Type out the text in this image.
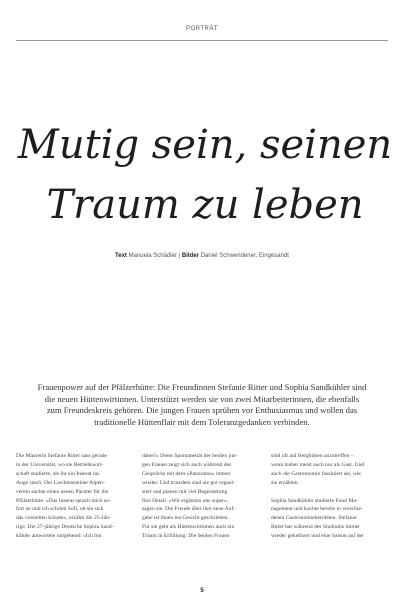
PORTRÄT
Mutig sein, seinen
Traum zu leben
Text Manuela Schädler | Bilder Daniel Schwendener, Eingesandt
Frauenpower auf der Pfälzerhütte: Die Freundinnen Stefanie Ritter und Sophia Sandkühler sind
die neuen Hüttenwirtinnen. Unterstützt werden sie von zwei Mitarbeiterinnen, die ebenfalls
zum Freundeskreis gehören. Die jungen Frauen sprühen vor Enthusiasmus und wollen das
traditionelle Hüttenflair mit dem Toleranzgedanken verbinden.
Die Maurerin Stefanie Ritter sass gerade
in der Universität, wo sie Betriebswirt-
schaft studierte, als ihr ein Inserat ins
Auge stach: Der Liechtensteiner Alpen-
verein suchte einen neuen Pächter für die
Pfälzerhütte. «Das Inserat sprach mich so-
fort an und ich schrieb Sofi, ob sie sich
das vorstellen könnte», erzählt die 25-Jäh-
rige. Die 27-jährige Deutsche Sophia Sand-
kühler antwortete umgehend: «Ich bin
dabei!» Diese Spontaneität der beiden jun-
gen Frauen zeigt sich auch während des
Gesprächs mit dem «Panorama» immer
wieder. Und trotzdem sind sie gut organi-
siert und planen mit viel Begeisterung
fürs Detail. «Wir ergänzen uns super»,
sagen sie. Die Freude über ihre neue Auf-
gabe ist ihnen ins Gesicht geschrieben.
Für sie geht als Hüttenwirtinnen auch ein
Traum in Erfüllung: Die beiden Frauen
sind oft auf Berghütten anzutreffen –
wenn bisher meist auch nur als Gast. Und
auch die Gastronomie fasziniert sie, wie
sie erzählen.
Sophia Sandkühler studierte Food Ma-
nagement und kochte bereits in verschie-
denen Gastronomiebetrieben. Stefanie
Ritter hat während des Studiums immer
wieder gekellnert und eine Saison auf der
5
